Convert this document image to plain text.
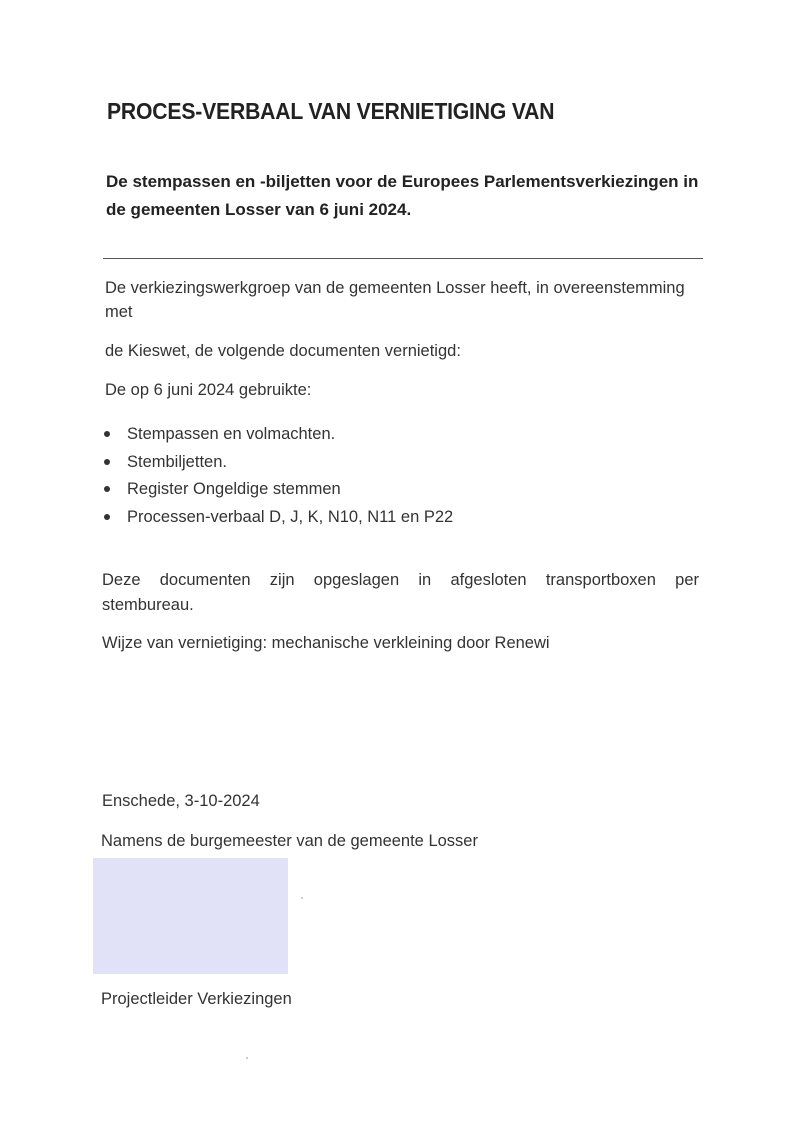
PROCES-VERBAAL VAN VERNIETIGING VAN
De stempassen en -biljetten voor de Europees Parlementsverkiezingen in de gemeenten Losser van 6 juni 2024.
De verkiezingswerkgroep van de gemeenten Losser heeft, in overeenstemming met
de Kieswet, de volgende documenten vernietigd:
De op 6 juni 2024 gebruikte:
Stempassen en volmachten.
Stembiljetten.
Register Ongeldige stemmen
Processen-verbaal D, J, K, N10, N11 en P22
Deze documenten zijn opgeslagen in afgesloten transportboxen per
stembureau.
Wijze van vernietiging: mechanische verkleining door Renewi
Enschede, 3-10-2024
Namens de burgemeester van de gemeente Losser
Projectleider Verkiezingen
